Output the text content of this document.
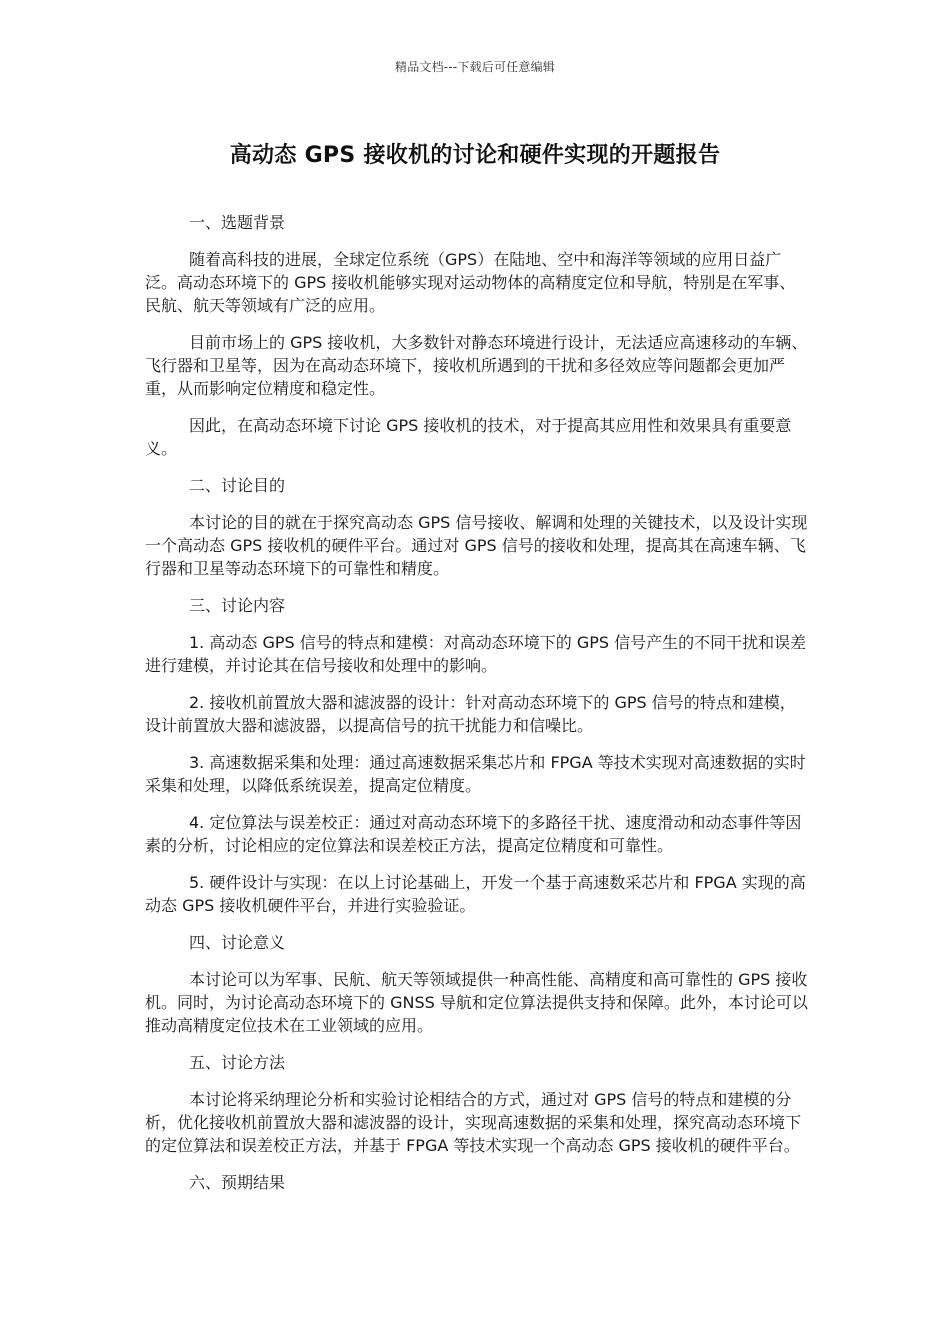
精品文档---下载后可任意编辑
高动态 GPS 接收机的讨论和硬件实现的开题报告
一、选题背景

随着高科技的进展，全球定位系统（GPS）在陆地、空中和海洋等领域的应用日益广泛。高动态环境下的 GPS 接收机能够实现对运动物体的高精度定位和导航，特别是在军事、民航、航天等领域有广泛的应用。

目前市场上的 GPS 接收机，大多数针对静态环境进行设计，无法适应高速移动的车辆、飞行器和卫星等，因为在高动态环境下，接收机所遇到的干扰和多径效应等问题都会更加严重，从而影响定位精度和稳定性。

因此，在高动态环境下讨论 GPS 接收机的技术，对于提高其应用性和效果具有重要意义。

二、讨论目的

本讨论的目的就在于探究高动态 GPS 信号接收、解调和处理的关键技术，以及设计实现一个高动态 GPS 接收机的硬件平台。通过对 GPS 信号的接收和处理，提高其在高速车辆、飞行器和卫星等动态环境下的可靠性和精度。

三、讨论内容

1. 高动态 GPS 信号的特点和建模：对高动态环境下的 GPS 信号产生的不同干扰和误差进行建模，并讨论其在信号接收和处理中的影响。

2. 接收机前置放大器和滤波器的设计：针对高动态环境下的 GPS 信号的特点和建模，设计前置放大器和滤波器，以提高信号的抗干扰能力和信噪比。

3. 高速数据采集和处理：通过高速数据采集芯片和 FPGA 等技术实现对高速数据的实时采集和处理，以降低系统误差，提高定位精度。

4. 定位算法与误差校正：通过对高动态环境下的多路径干扰、速度滑动和动态事件等因素的分析，讨论相应的定位算法和误差校正方法，提高定位精度和可靠性。

5. 硬件设计与实现：在以上讨论基础上，开发一个基于高速数采芯片和 FPGA 实现的高动态 GPS 接收机硬件平台，并进行实验验证。

四、讨论意义

本讨论可以为军事、民航、航天等领域提供一种高性能、高精度和高可靠性的 GPS 接收机。同时，为讨论高动态环境下的 GNSS 导航和定位算法提供支持和保障。此外，本讨论可以推动高精度定位技术在工业领域的应用。

五、讨论方法

本讨论将采纳理论分析和实验讨论相结合的方式，通过对 GPS 信号的特点和建模的分析，优化接收机前置放大器和滤波器的设计，实现高速数据的采集和处理，探究高动态环境下的定位算法和误差校正方法，并基于 FPGA 等技术实现一个高动态 GPS 接收机的硬件平台。

六、预期结果
